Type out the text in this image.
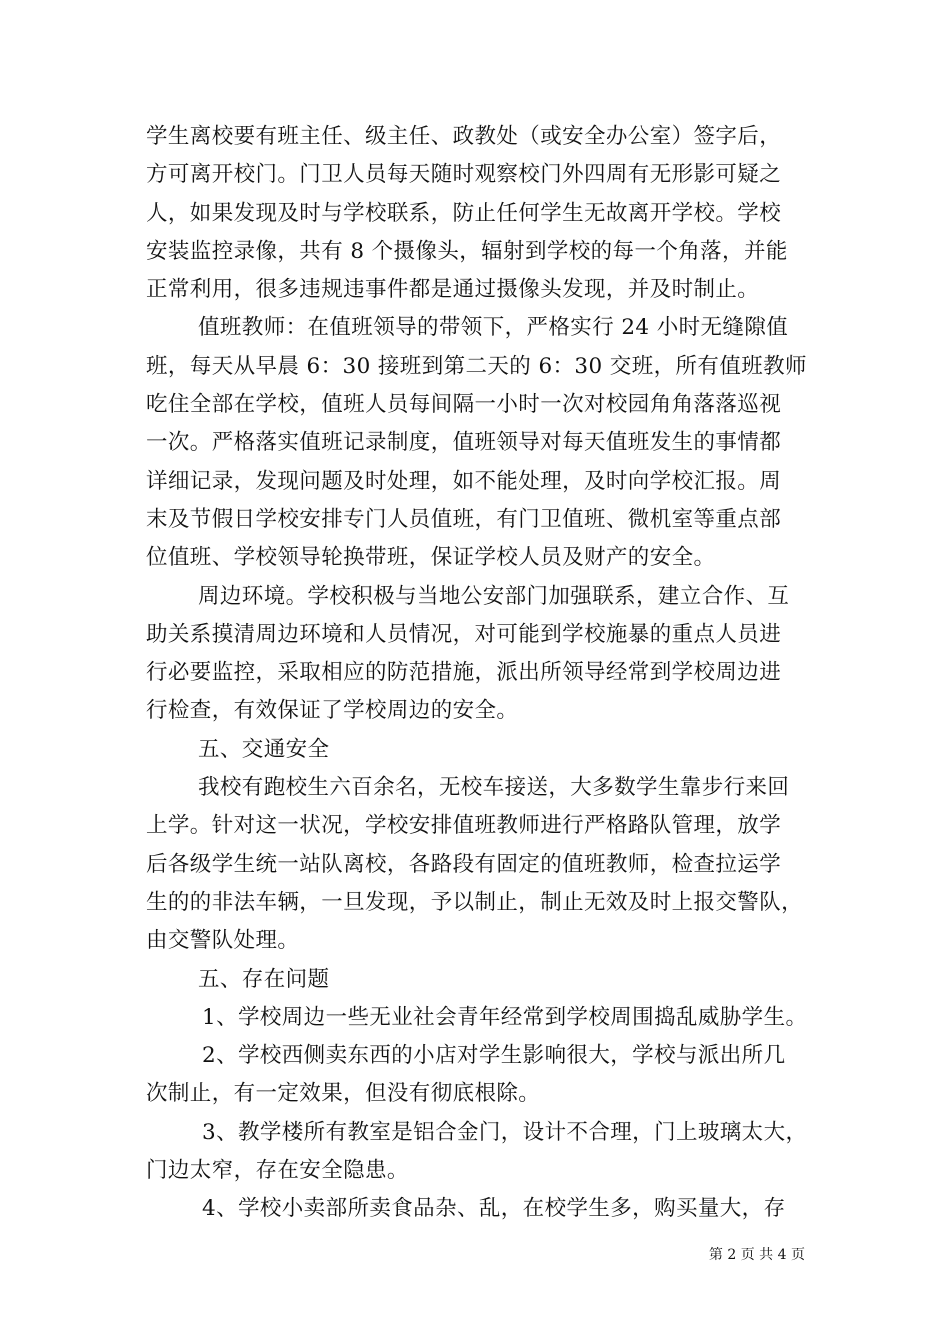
学生离校要有班主任、级主任、政教处（或安全办公室）签字后，
方可离开校门。门卫人员每天随时观察校门外四周有无形影可疑之
人，如果发现及时与学校联系，防止任何学生无故离开学校。学校
安装监控录像，共有 8 个摄像头，辐射到学校的每一个角落，并能
正常利用，很多违规违事件都是通过摄像头发现，并及时制止。
值班教师：在值班领导的带领下，严格实行 24 小时无缝隙值
班，每天从早晨 6：30 接班到第二天的 6：30 交班，所有值班教师
吃住全部在学校，值班人员每间隔一小时一次对校园角角落落巡视
一次。严格落实值班记录制度，值班领导对每天值班发生的事情都
详细记录，发现问题及时处理，如不能处理，及时向学校汇报。周
末及节假日学校安排专门人员值班，有门卫值班、微机室等重点部
位值班、学校领导轮换带班，保证学校人员及财产的安全。
周边环境。学校积极与当地公安部门加强联系，建立合作、互
助关系摸清周边环境和人员情况，对可能到学校施暴的重点人员进
行必要监控，采取相应的防范措施，派出所领导经常到学校周边进
行检查，有效保证了学校周边的安全。
五、交通安全
我校有跑校生六百余名，无校车接送，大多数学生靠步行来回
上学。针对这一状况，学校安排值班教师进行严格路队管理，放学
后各级学生统一站队离校，各路段有固定的值班教师，检查拉运学
生的的非法车辆，一旦发现，予以制止，制止无效及时上报交警队，
由交警队处理。
五、存在问题
1、学校周边一些无业社会青年经常到学校周围捣乱威胁学生。
2、学校西侧卖东西的小店对学生影响很大，学校与派出所几
次制止，有一定效果，但没有彻底根除。
3、教学楼所有教室是铝合金门，设计不合理，门上玻璃太大，
门边太窄，存在安全隐患。
4、学校小卖部所卖食品杂、乱，在校学生多，购买量大，存
第 2 页 共 4 页
